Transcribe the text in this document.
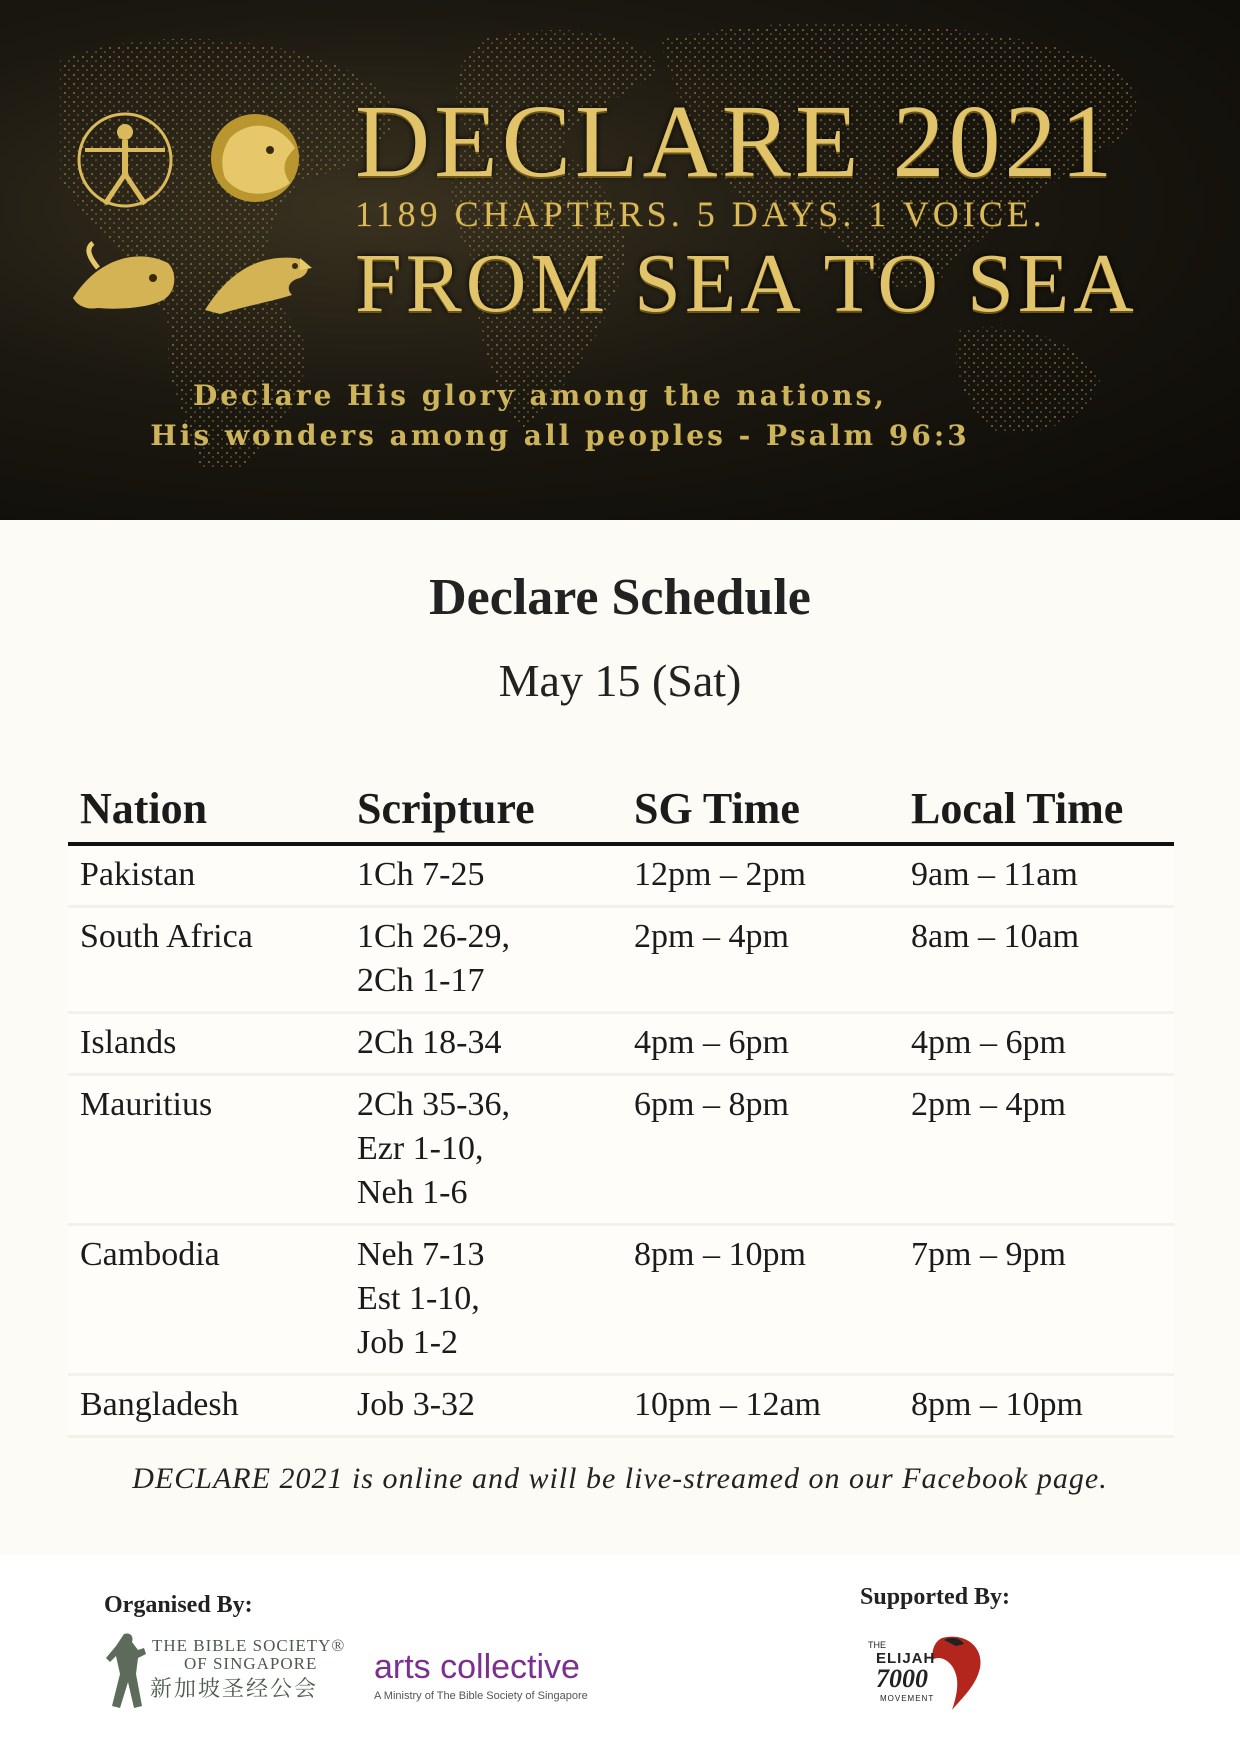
DECLARE 2021
1189 CHAPTERS. 5 DAYS. 1 VOICE.
FROM SEA TO SEA
Declare His glory among the nations,
His wonders among all peoples - Psalm 96:3
Declare Schedule
May 15 (Sat)
Nation	Scripture	SG Time	Local Time
Pakistan	1Ch 7-25	12pm – 2pm	9am – 11am
South Africa	1Ch 26-29,
2Ch 1-17	2pm – 4pm	8am – 10am
Islands	2Ch 18-34	4pm – 6pm	4pm – 6pm
Mauritius	2Ch 35-36,
Ezr 1-10,
Neh 1-6	6pm – 8pm	2pm – 4pm
Cambodia	Neh 7-13
Est 1-10,
Job 1-2	8pm – 10pm	7pm – 9pm
Bangladesh	Job 3-32	10pm – 12am	8pm – 10pm
DECLARE 2021 is online and will be live-streamed on our Facebook page.
Organised By:	Supported By:
THE BIBLE SOCIETY®
OF SINGAPORE
新加坡圣经公会
arts collective
A Ministry of The Bible Society of Singapore
THE
ELIJAH
7000
MOVEMENT
